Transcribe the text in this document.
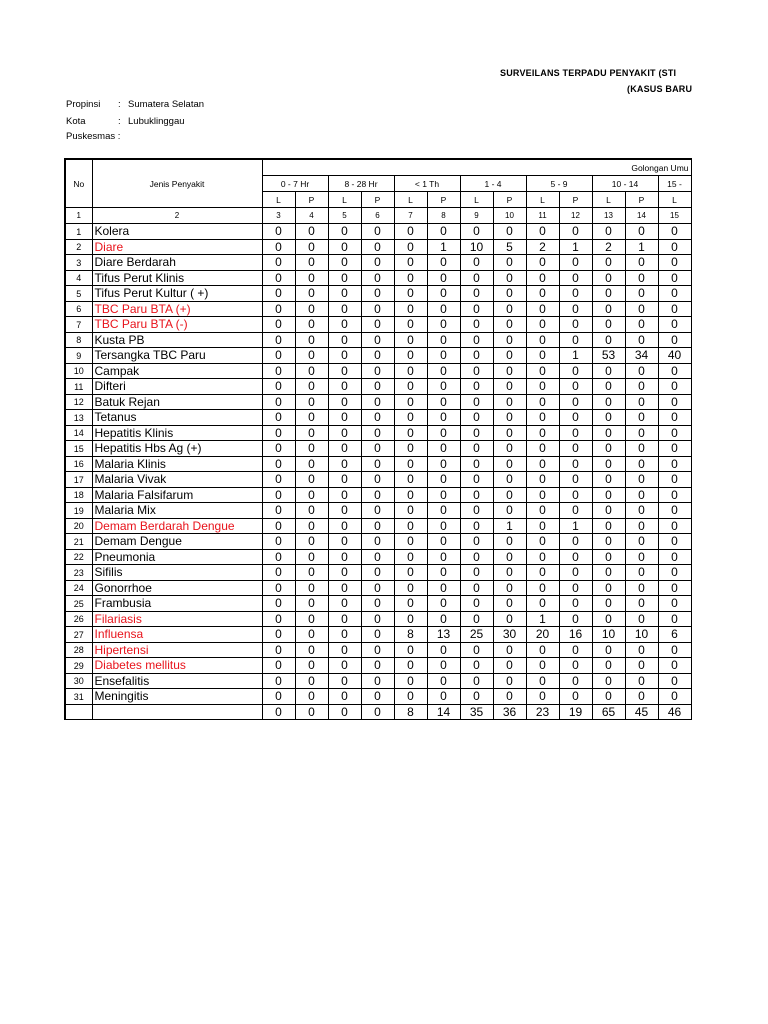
SURVEILANS TERPADU PENYAKIT (STI
(KASUS BARU
Propinsi : Sumatera Selatan
Kota	: Lubuklinggau
Puskesmas :
No	Jenis Penyakit	Golongan Umu												
		0 - 7 Hr		8 - 28 Hr		< 1 Th		1 - 4		5 - 9		10 - 14		15 -
		L	P	L	P	L	P	L	P	L	P	L	P	L
1	2	3	4	5	6	7	8	9	10	11	12	13	14	15
1	Kolera	0	0	0	0	0	0	0	0	0	0	0	0	0
2	Diare	0	0	0	0	0	1	10	5	2	1	2	1	0
3	Diare Berdarah	0	0	0	0	0	0	0	0	0	0	0	0	0
4	Tifus Perut Klinis	0	0	0	0	0	0	0	0	0	0	0	0	0
5	Tifus Perut Kultur ( +)	0	0	0	0	0	0	0	0	0	0	0	0	0
6	TBC Paru BTA (+)	0	0	0	0	0	0	0	0	0	0	0	0	0
7	TBC Paru BTA (-)	0	0	0	0	0	0	0	0	0	0	0	0	0
8	Kusta PB	0	0	0	0	0	0	0	0	0	0	0	0	0
9	Tersangka TBC Paru	0	0	0	0	0	0	0	0	0	1	53	34	40
10	Campak	0	0	0	0	0	0	0	0	0	0	0	0	0
11	Difteri	0	0	0	0	0	0	0	0	0	0	0	0	0
12	Batuk Rejan	0	0	0	0	0	0	0	0	0	0	0	0	0
13	Tetanus	0	0	0	0	0	0	0	0	0	0	0	0	0
14	Hepatitis Klinis	0	0	0	0	0	0	0	0	0	0	0	0	0
15	Hepatitis Hbs Ag (+)	0	0	0	0	0	0	0	0	0	0	0	0	0
16	Malaria Klinis	0	0	0	0	0	0	0	0	0	0	0	0	0
17	Malaria Vivak	0	0	0	0	0	0	0	0	0	0	0	0	0
18	Malaria Falsifarum	0	0	0	0	0	0	0	0	0	0	0	0	0
19	Malaria Mix	0	0	0	0	0	0	0	0	0	0	0	0	0
20	Demam Berdarah Dengue	0	0	0	0	0	0	0	1	0	1	0	0	0
21	Demam Dengue	0	0	0	0	0	0	0	0	0	0	0	0	0
22	Pneumonia	0	0	0	0	0	0	0	0	0	0	0	0	0
23	Sifilis	0	0	0	0	0	0	0	0	0	0	0	0	0
24	Gonorrhoe	0	0	0	0	0	0	0	0	0	0	0	0	0
25	Frambusia	0	0	0	0	0	0	0	0	0	0	0	0	0
26	Filariasis	0	0	0	0	0	0	0	0	1	0	0	0	0
27	Influensa	0	0	0	0	8	13	25	30	20	16	10	10	6
28	Hipertensi	0	0	0	0	0	0	0	0	0	0	0	0	0
29	Diabetes mellitus	0	0	0	0	0	0	0	0	0	0	0	0	0
30	Ensefalitis	0	0	0	0	0	0	0	0	0	0	0	0	0
31	Meningitis	0	0	0	0	0	0	0	0	0	0	0	0	0
		0	0	0	0	8	14	35	36	23	19	65	45	46
